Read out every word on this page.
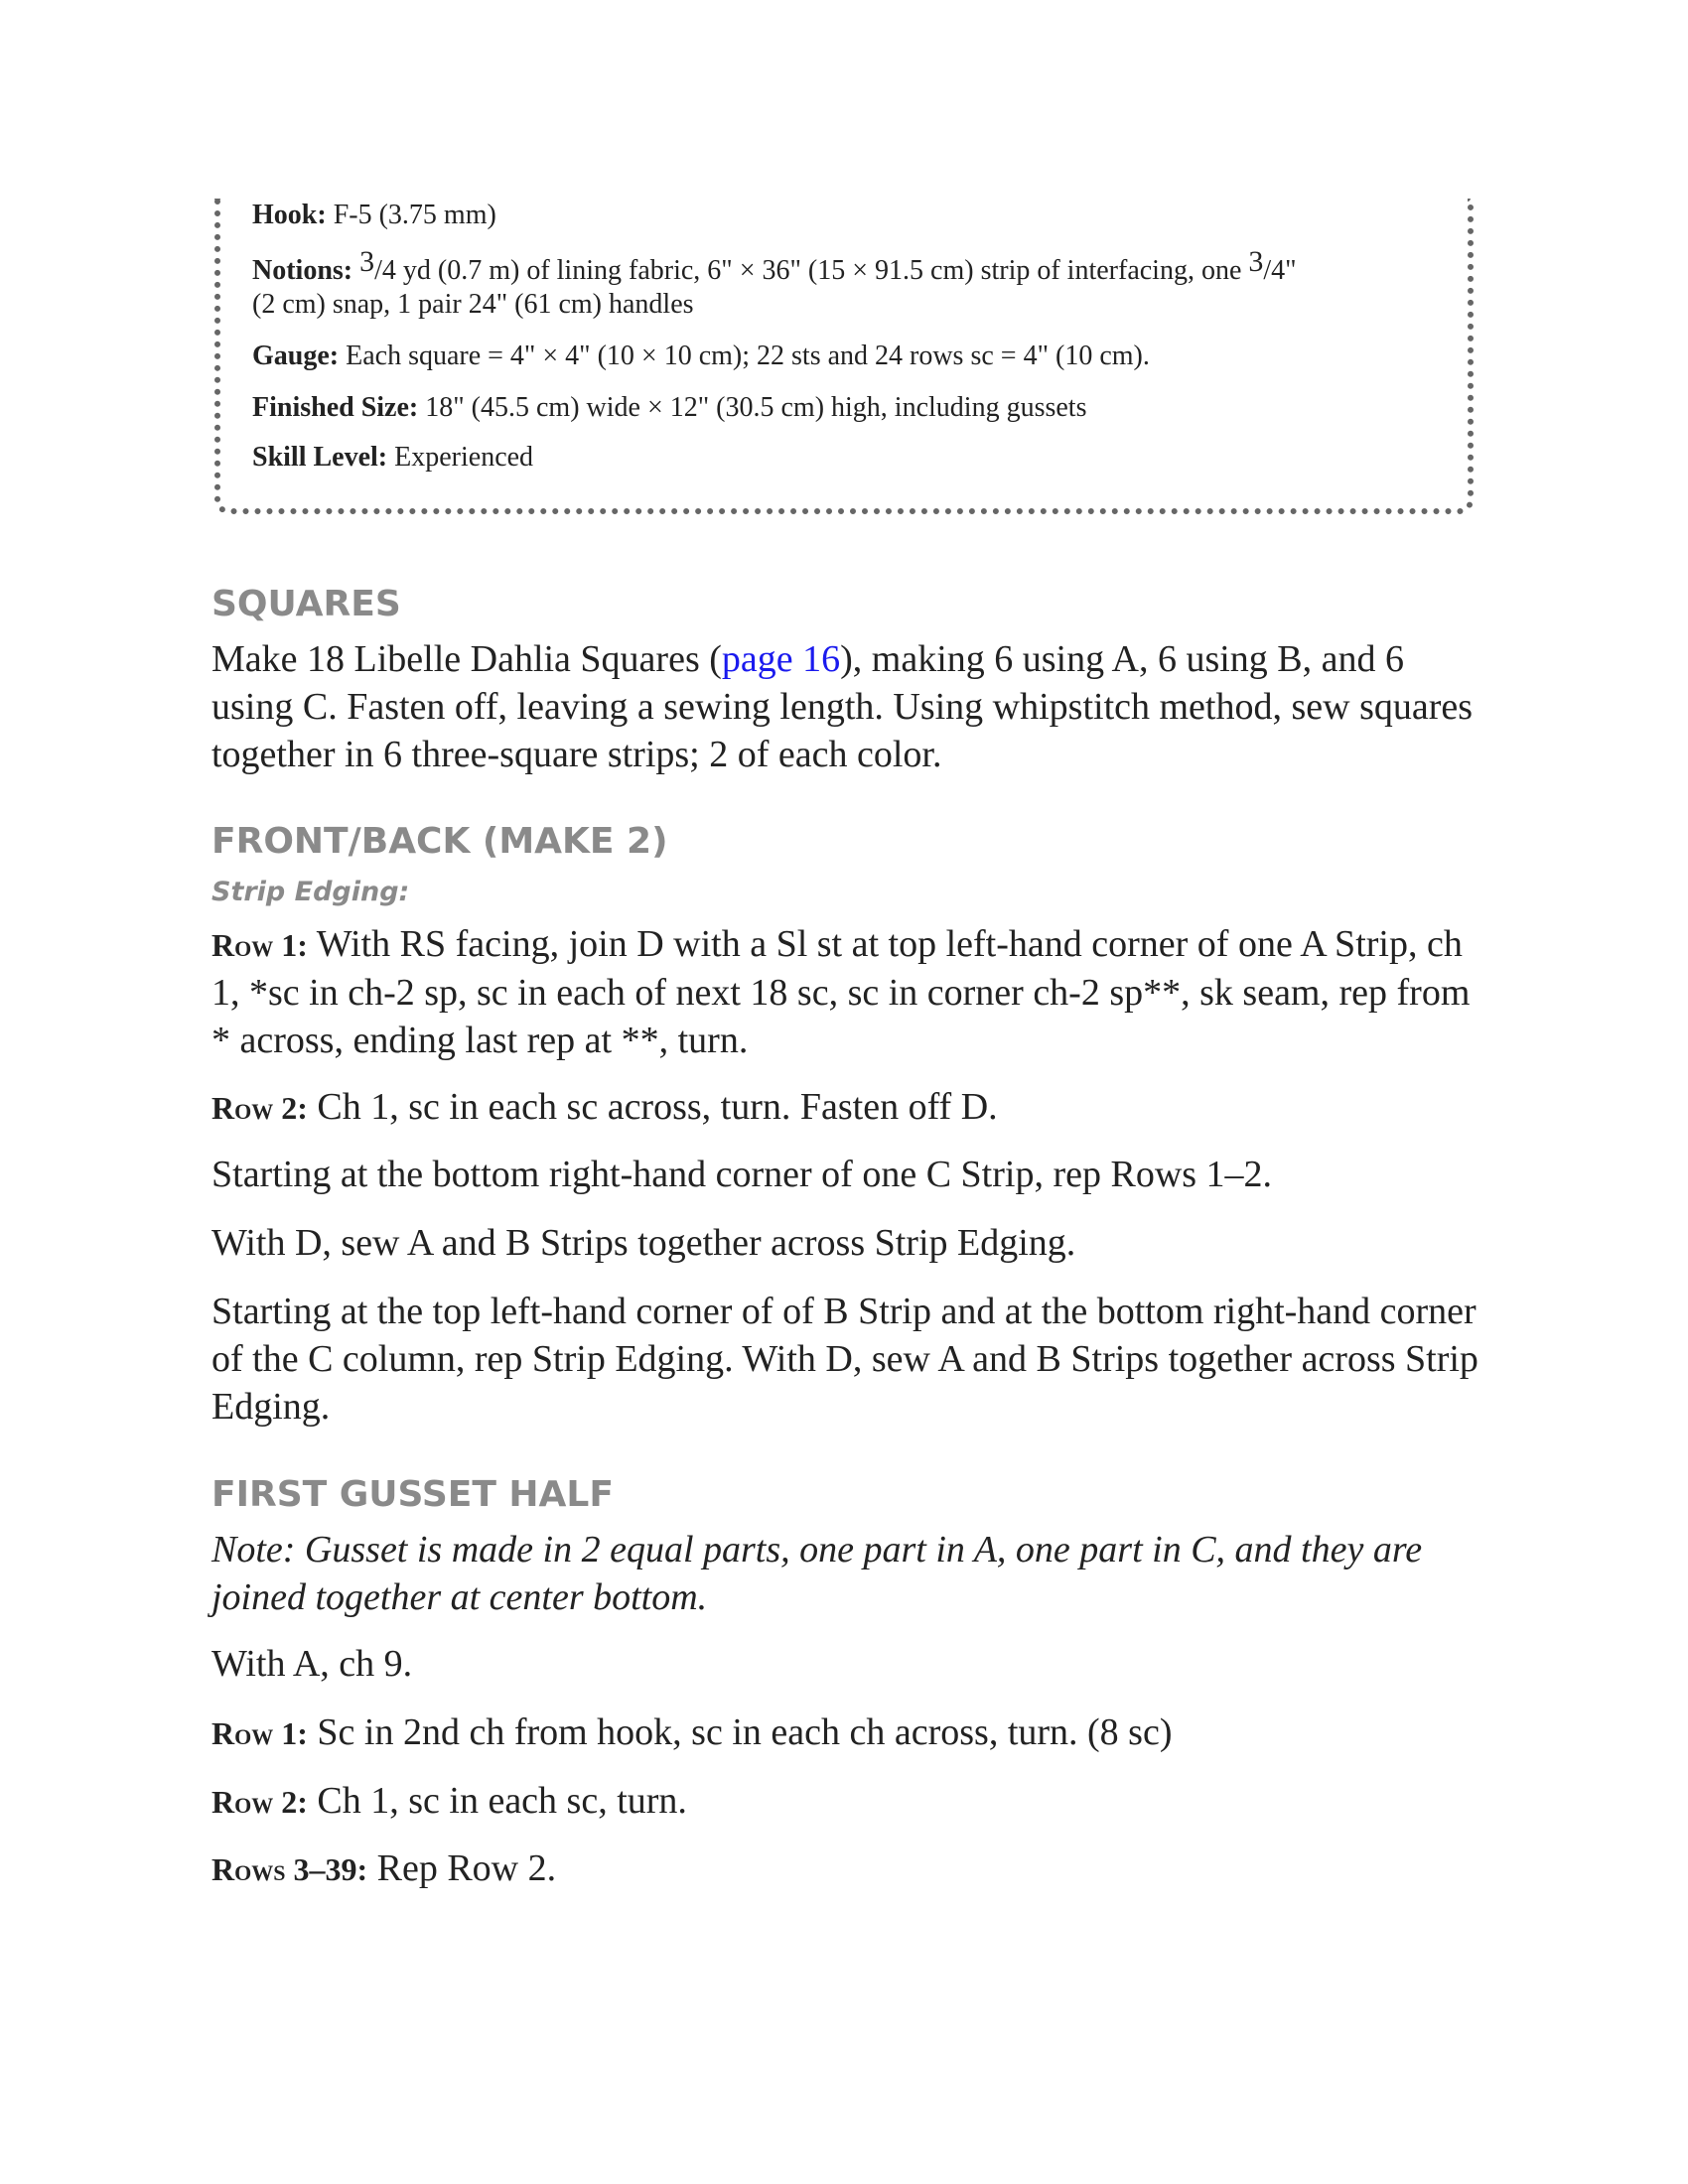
Hook: F-5 (3.75 mm)
Notions: 3/4 yd (0.7 m) of lining fabric, 6" × 36" (15 × 91.5 cm) strip of interfacing, one 3/4"
(2 cm) snap, 1 pair 24" (61 cm) handles
Gauge: Each square = 4" × 4" (10 × 10 cm); 22 sts and 24 rows sc = 4" (10 cm).
Finished Size: 18" (45.5 cm) wide × 12" (30.5 cm) high, including gussets
Skill Level: Experienced
SQUARES
Make 18 Libelle Dahlia Squares (page 16), making 6 using A, 6 using B, and 6 using C. Fasten off, leaving a sewing length. Using whipstitch method, sew squares together in 6 three-square strips; 2 of each color.
FRONT/BACK (MAKE 2)
Strip Edging:
Row 1: With RS facing, join D with a Sl st at top left-hand corner of one A Strip, ch 1, *sc in ch-2 sp, sc in each of next 18 sc, sc in corner ch-2 sp**, sk seam, rep from * across, ending last rep at **, turn.
Row 2: Ch 1, sc in each sc across, turn. Fasten off D.
Starting at the bottom right-hand corner of one C Strip, rep Rows 1–2.
With D, sew A and B Strips together across Strip Edging.
Starting at the top left-hand corner of of B Strip and at the bottom right-hand corner of the C column, rep Strip Edging. With D, sew A and B Strips together across Strip Edging.
FIRST GUSSET HALF
Note: Gusset is made in 2 equal parts, one part in A, one part in C, and they are joined together at center bottom.
With A, ch 9.
Row 1: Sc in 2nd ch from hook, sc in each ch across, turn. (8 sc)
Row 2: Ch 1, sc in each sc, turn.
Rows 3–39: Rep Row 2.
